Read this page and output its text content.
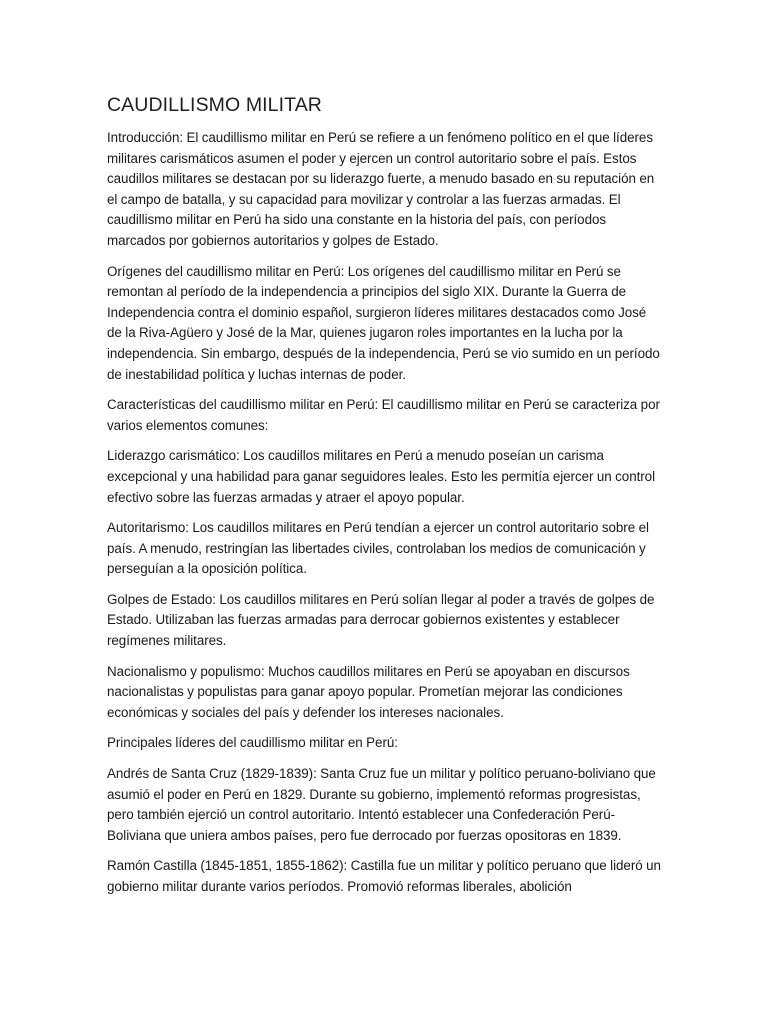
CAUDILLISMO MILITAR

Introducción: El caudillismo militar en Perú se refiere a un fenómeno político en el que líderes militares carismáticos asumen el poder y ejercen un control autoritario sobre el país. Estos caudillos militares se destacan por su liderazgo fuerte, a menudo basado en su reputación en el campo de batalla, y su capacidad para movilizar y controlar a las fuerzas armadas. El caudillismo militar en Perú ha sido una constante en la historia del país, con períodos marcados por gobiernos autoritarios y golpes de Estado.

Orígenes del caudillismo militar en Perú: Los orígenes del caudillismo militar en Perú se remontan al período de la independencia a principios del siglo XIX. Durante la Guerra de Independencia contra el dominio español, surgieron líderes militares destacados como José de la Riva-Agüero y José de la Mar, quienes jugaron roles importantes en la lucha por la independencia. Sin embargo, después de la independencia, Perú se vio sumido en un período de inestabilidad política y luchas internas de poder.

Características del caudillismo militar en Perú: El caudillismo militar en Perú se caracteriza por varios elementos comunes:

Liderazgo carismático: Los caudillos militares en Perú a menudo poseían un carisma excepcional y una habilidad para ganar seguidores leales. Esto les permitía ejercer un control efectivo sobre las fuerzas armadas y atraer el apoyo popular.

Autoritarismo: Los caudillos militares en Perú tendían a ejercer un control autoritario sobre el país. A menudo, restringían las libertades civiles, controlaban los medios de comunicación y perseguían a la oposición política.

Golpes de Estado: Los caudillos militares en Perú solían llegar al poder a través de golpes de Estado. Utilizaban las fuerzas armadas para derrocar gobiernos existentes y establecer regímenes militares.

Nacionalismo y populismo: Muchos caudillos militares en Perú se apoyaban en discursos nacionalistas y populistas para ganar apoyo popular. Prometían mejorar las condiciones económicas y sociales del país y defender los intereses nacionales.

Principales líderes del caudillismo militar en Perú:

Andrés de Santa Cruz (1829-1839): Santa Cruz fue un militar y político peruano-boliviano que asumió el poder en Perú en 1829. Durante su gobierno, implementó reformas progresistas, pero también ejerció un control autoritario. Intentó establecer una Confederación Perú-Boliviana que uniera ambos países, pero fue derrocado por fuerzas opositoras en 1839.

Ramón Castilla (1845-1851, 1855-1862): Castilla fue un militar y político peruano que lideró un gobierno militar durante varios períodos. Promovió reformas liberales, abolición
